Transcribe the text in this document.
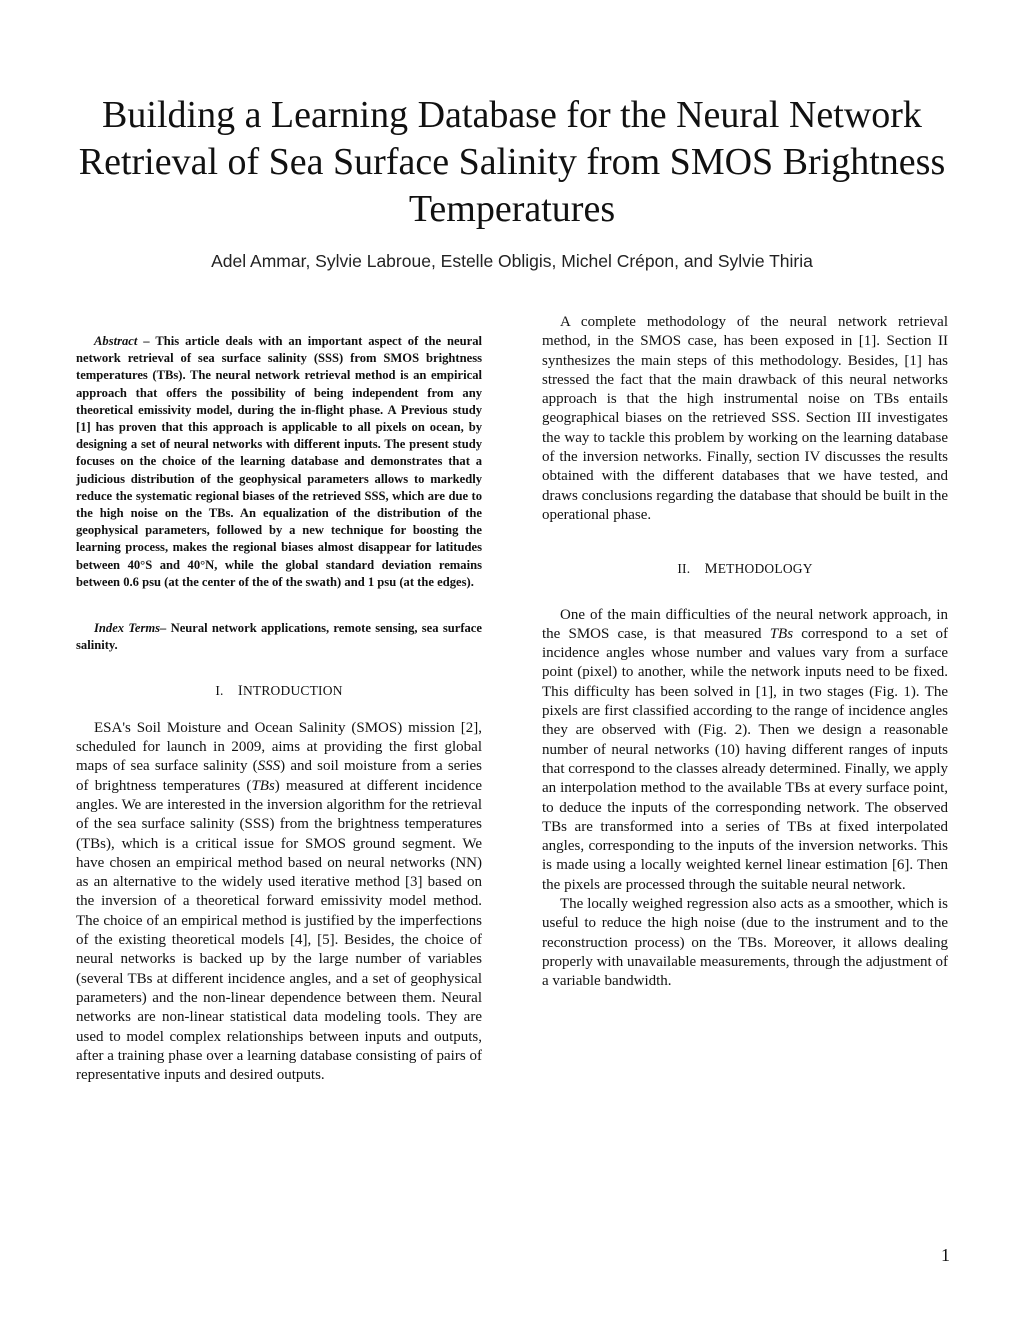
Building a Learning Database for the Neural Network Retrieval of Sea Surface Salinity from SMOS Brightness Temperatures
Adel Ammar, Sylvie Labroue, Estelle Obligis, Michel Crépon, and Sylvie Thiria

Abstract – This article deals with an important aspect of the neural network retrieval of sea surface salinity (SSS) from SMOS brightness temperatures (TBs). The neural network retrieval method is an empirical approach that offers the possibility of being independent from any theoretical emissivity model, during the in-flight phase. A Previous study [1] has proven that this approach is applicable to all pixels on ocean, by designing a set of neural networks with different inputs. The present study focuses on the choice of the learning database and demonstrates that a judicious distribution of the geophysical parameters allows to markedly reduce the systematic regional biases of the retrieved SSS, which are due to the high noise on the TBs. An equalization of the distribution of the geophysical parameters, followed by a new technique for boosting the learning process, makes the regional biases almost disappear for latitudes between 40°S and 40°N, while the global standard deviation remains between 0.6 psu (at the center of the of the swath) and 1 psu (at the edges).

Index Terms– Neural network applications, remote sensing, sea surface salinity.

I. INTRODUCTION

ESA's Soil Moisture and Ocean Salinity (SMOS) mission [2], scheduled for launch in 2009, aims at providing the first global maps of sea surface salinity (SSS) and soil moisture from a series of brightness temperatures (TBs) measured at different incidence angles. We are interested in the inversion algorithm for the retrieval of the sea surface salinity (SSS) from the brightness temperatures (TBs), which is a critical issue for SMOS ground segment. We have chosen an empirical method based on neural networks (NN) as an alternative to the widely used iterative method [3] based on the inversion of a theoretical forward emissivity model method. The choice of an empirical method is justified by the imperfections of the existing theoretical models [4], [5]. Besides, the choice of neural networks is backed up by the large number of variables (several TBs at different incidence angles, and a set of geophysical parameters) and the non-linear dependence between them. Neural networks are non-linear statistical data modeling tools. They are used to model complex relationships between inputs and outputs, after a training phase over a learning database consisting of pairs of representative inputs and desired outputs.

A complete methodology of the neural network retrieval method, in the SMOS case, has been exposed in [1]. Section II synthesizes the main steps of this methodology. Besides, [1] has stressed the fact that the main drawback of this neural networks approach is that the high instrumental noise on TBs entails geographical biases on the retrieved SSS. Section III investigates the way to tackle this problem by working on the learning database of the inversion networks. Finally, section IV discusses the results obtained with the different databases that we have tested, and draws conclusions regarding the database that should be built in the operational phase.

II. METHODOLOGY

One of the main difficulties of the neural network approach, in the SMOS case, is that measured TBs correspond to a set of incidence angles whose number and values vary from a surface point (pixel) to another, while the network inputs need to be fixed. This difficulty has been solved in [1], in two stages (Fig. 1). The pixels are first classified according to the range of incidence angles they are observed with (Fig. 2). Then we design a reasonable number of neural networks (10) having different ranges of inputs that correspond to the classes already determined. Finally, we apply an interpolation method to the available TBs at every surface point, to deduce the inputs of the corresponding network. The observed TBs are transformed into a series of TBs at fixed interpolated angles, corresponding to the inputs of the inversion networks. This is made using a locally weighted kernel linear estimation [6]. Then the pixels are processed through the suitable neural network.

The locally weighed regression also acts as a smoother, which is useful to reduce the high noise (due to the instrument and to the reconstruction process) on the TBs. Moreover, it allows dealing properly with unavailable measurements, through the adjustment of a variable bandwidth.

1
